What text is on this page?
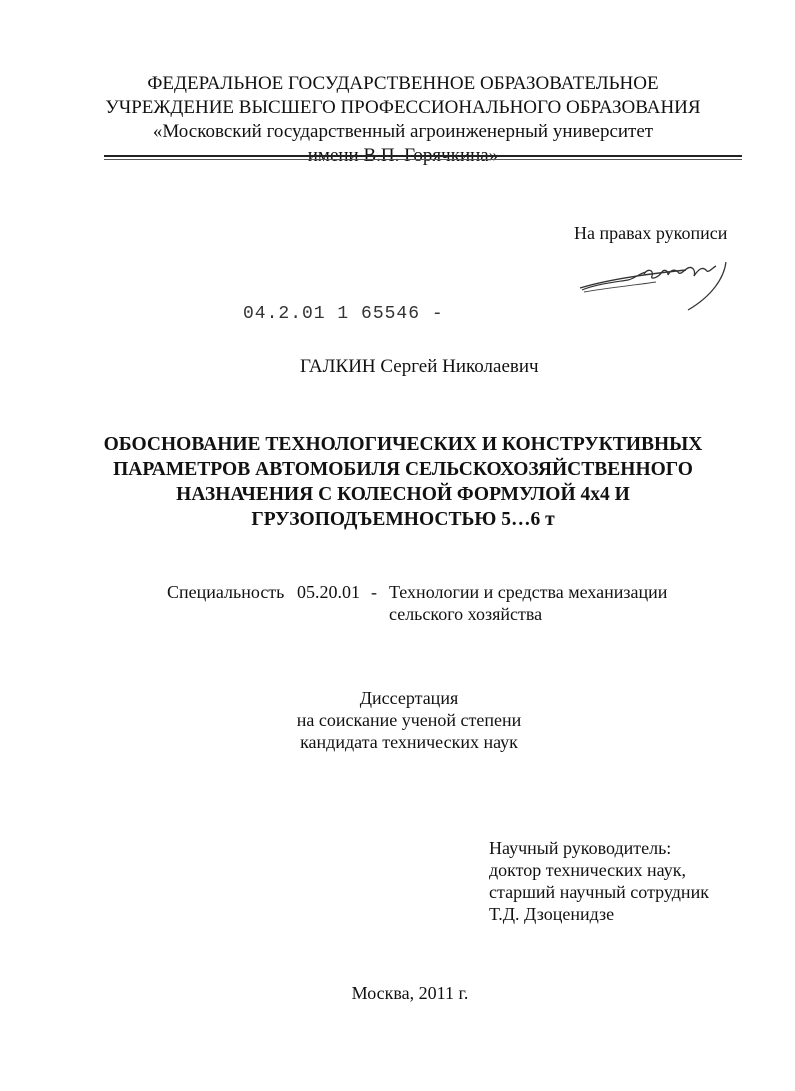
ФЕДЕРАЛЬНОЕ ГОСУДАРСТВЕННОЕ ОБРАЗОВАТЕЛЬНОЕ
УЧРЕЖДЕНИЕ ВЫСШЕГО ПРОФЕССИОНАЛЬНОГО ОБРАЗОВАНИЯ
«Московский государственный агроинженерный университет
имени В.П. Горячкина»
На правах рукописи
04.2.01 1 65546 -
ГАЛКИН Сергей Николаевич
ОБОСНОВАНИЕ ТЕХНОЛОГИЧЕСКИХ И КОНСТРУКТИВНЫХ
ПАРАМЕТРОВ АВТОМОБИЛЯ СЕЛЬСКОХОЗЯЙСТВЕННОГО
НАЗНАЧЕНИЯ С КОЛЕСНОЙ ФОРМУЛОЙ 4х4 И
ГРУЗОПОДЪЕМНОСТЬЮ 5…6 т
Специальность 05.20.01 - Технологии и средства механизации
сельского хозяйства
Диссертация
на соискание ученой степени
кандидата технических наук
Научный руководитель:
доктор технических наук,
старший научный сотрудник
Т.Д. Дзоценидзе
Москва, 2011 г.
